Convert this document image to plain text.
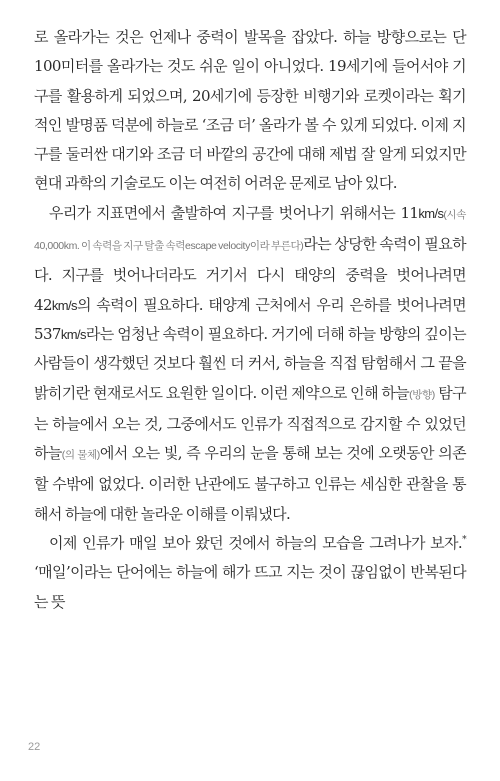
로 올라가는 것은 언제나 중력이 발목을 잡았다. 하늘 방향으로는 단 100미터를 올라가는 것도 쉬운 일이 아니었다. 19세기에 들어서야 기구를 활용하게 되었으며, 20세기에 등장한 비행기와 로켓이라는 획기적인 발명품 덕분에 하늘로 ‘조금 더’ 올라가 볼 수 있게 되었다. 이제 지구를 둘러싼 대기와 조금 더 바깥의 공간에 대해 제법 잘 알게 되었지만 현대 과학의 기술로도 이는 여전히 어려운 문제로 남아 있다.

우리가 지표면에서 출발하여 지구를 벗어나기 위해서는 11km/s(시속 40,000km. 이 속력을 지구 탈출 속력escape velocity이라 부른다)라는 상당한 속력이 필요하다. 지구를 벗어나더라도 거기서 다시 태양의 중력을 벗어나려면 42km/s의 속력이 필요하다. 태양계 근처에서 우리 은하를 벗어나려면 537km/s라는 엄청난 속력이 필요하다. 거기에 더해 하늘 방향의 깊이는 사람들이 생각했던 것보다 훨씬 더 커서, 하늘을 직접 탐험해서 그 끝을 밝히기란 현재로서도 요원한 일이다. 이런 제약으로 인해 하늘(방향) 탐구는 하늘에서 오는 것, 그중에서도 인류가 직접적으로 감지할 수 있었던 하늘(의 물체)에서 오는 빛, 즉 우리의 눈을 통해 보는 것에 오랫동안 의존할 수밖에 없었다. 이러한 난관에도 불구하고 인류는 세심한 관찰을 통해서 하늘에 대한 놀라운 이해를 이뤄냈다.

이제 인류가 매일 보아 왔던 것에서 하늘의 모습을 그려나가 보자.* ‘매일’이라는 단어에는 하늘에 해가 뜨고 지는 것이 끊임없이 반복된다는 뜻

22
